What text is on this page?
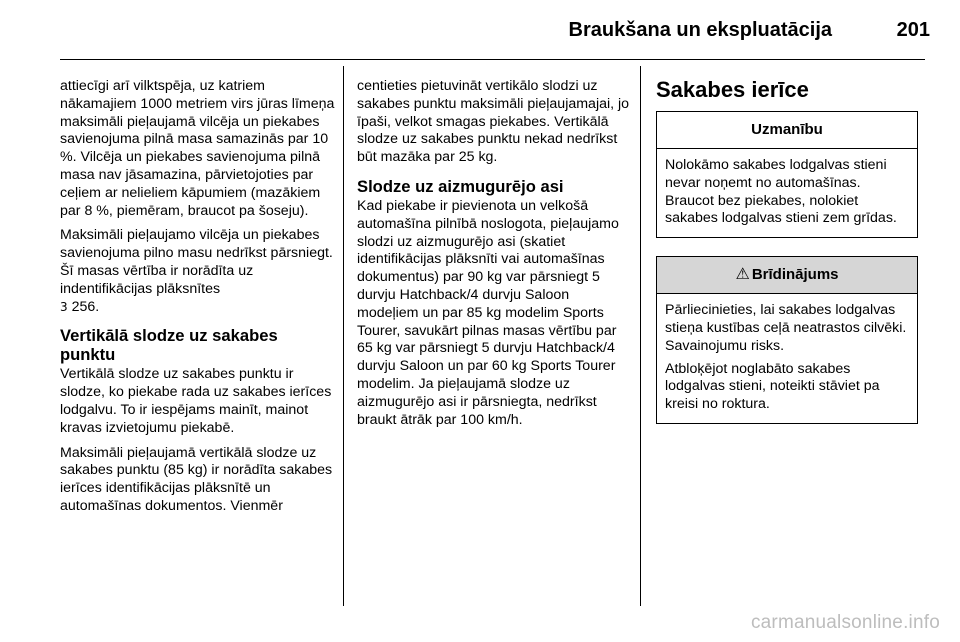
Braukšana un ekspluatācija	201

attiecīgi arī vilktspēja, uz katriem nākamajiem 1000 metriem virs jūras līmeņa maksimāli pieļaujamā vilcēja un piekabes savienojuma pilnā masa samazinās par 10 %. Vilcēja un piekabes savienojuma pilnā masa nav jāsamazina, pārvietojoties par ceļiem ar nelieliem kāpumiem (mazākiem par 8 %, piemēram, braucot pa šoseju).

Maksimāli pieļaujamo vilcēja un piekabes savienojuma pilno masu nedrīkst pārsniegt. Šī masas vērtība ir norādīta uz indentifikācijas plāksnītes
3 256.

Vertikālā slodze uz sakabes punktu

Vertikālā slodze uz sakabes punktu ir slodze, ko piekabe rada uz sakabes ierīces lodgalvu. To ir iespējams mainīt, mainot kravas izvietojumu piekabē.

Maksimāli pieļaujamā vertikālā slodze uz sakabes punktu (85 kg) ir norādīta sakabes ierīces identifikācijas plāksnītē un automašīnas dokumentos. Vienmēr

centieties pietuvināt vertikālo slodzi uz sakabes punktu maksimāli pieļaujamajai, jo īpaši, velkot smagas piekabes. Vertikālā slodze uz sakabes punktu nekad nedrīkst būt mazāka par 25 kg.

Slodze uz aizmugurējo asi

Kad piekabe ir pievienota un velkošā automašīna pilnībā noslogota, pieļaujamo slodzi uz aizmugurējo asi (skatiet identifikācijas plāksnīti vai automašīnas dokumentus) par 90 kg var pārsniegt 5 durvju Hatchback/4 durvju Saloon modeļiem un par 85 kg modelim Sports Tourer, savukārt pilnas masas vērtību par 65 kg var pārsniegt 5 durvju Hatchback/4 durvju Saloon un par 60 kg Sports Tourer modelim. Ja pieļaujamā slodze uz aizmugurējo asi ir pārsniegta, nedrīkst braukt ātrāk par 100 km/h.

Sakabes ierīce
Uzmanību

Nolokāmo sakabes lodgalvas stieni nevar noņemt no automašīnas. Braucot bez piekabes, nolokiet sakabes lodgalvas stieni zem grīdas.

⚠ Brīdinājums

Pārliecinieties, lai sakabes lodgalvas stieņa kustības ceļā neatrastos cilvēki. Savainojumu risks.

Atbloķējot noglabāto sakabes lodgalvas stieni, noteikti stāviet pa kreisi no roktura.

carmanualsonline.info
